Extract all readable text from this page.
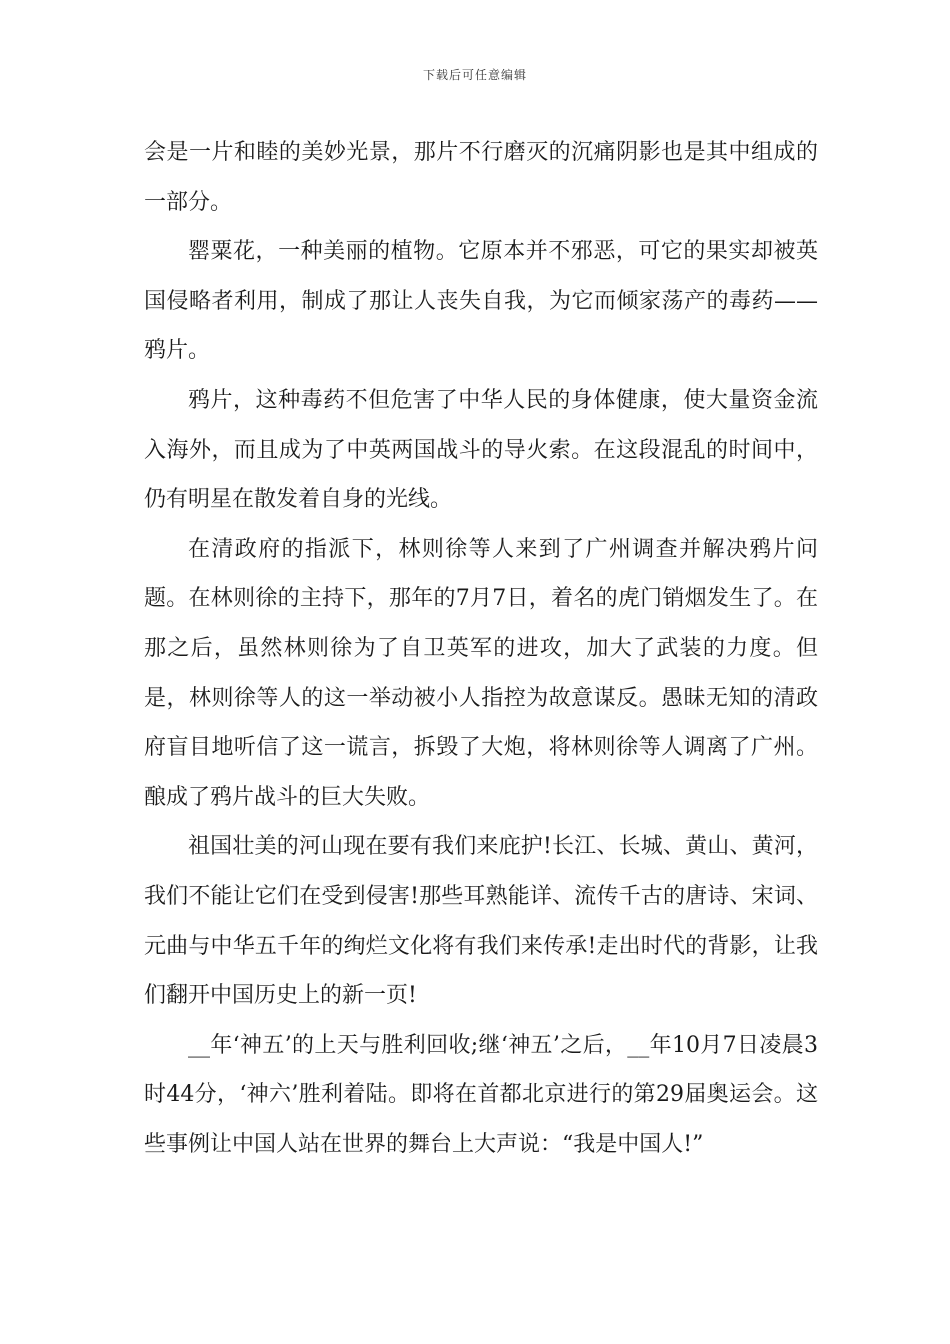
下载后可任意编辑

会是一片和睦的美妙光景，那片不行磨灭的沉痛阴影也是其中组成的一部分。

罂粟花，一种美丽的植物。它原本并不邪恶，可它的果实却被英国侵略者利用，制成了那让人丧失自我，为它而倾家荡产的毒药——鸦片。

鸦片，这种毒药不但危害了中华人民的身体健康，使大量资金流入海外，而且成为了中英两国战斗的导火索。在这段混乱的时间中，仍有明星在散发着自身的光线。

在清政府的指派下，林则徐等人来到了广州调查并解决鸦片问题。在林则徐的主持下，那年的7月7日，着名的虎门销烟发生了。在那之后，虽然林则徐为了自卫英军的进攻，加大了武装的力度。但是，林则徐等人的这一举动被小人指控为故意谋反。愚昧无知的清政府盲目地听信了这一谎言，拆毁了大炮，将林则徐等人调离了广州。酿成了鸦片战斗的巨大失败。

祖国壮美的河山现在要有我们来庇护!长江、长城、黄山、黄河，我们不能让它们在受到侵害!那些耳熟能详、流传千古的唐诗、宋词、元曲与中华五千年的绚烂文化将有我们来传承!走出时代的背影，让我们翻开中国历史上的新一页!

__年‘神五’的上天与胜利回收;继‘神五’之后，__年10月7日凌晨3时44分，‘神六’胜利着陆。即将在首都北京进行的第29届奥运会。这些事例让中国人站在世界的舞台上大声说：“我是中国人!”
